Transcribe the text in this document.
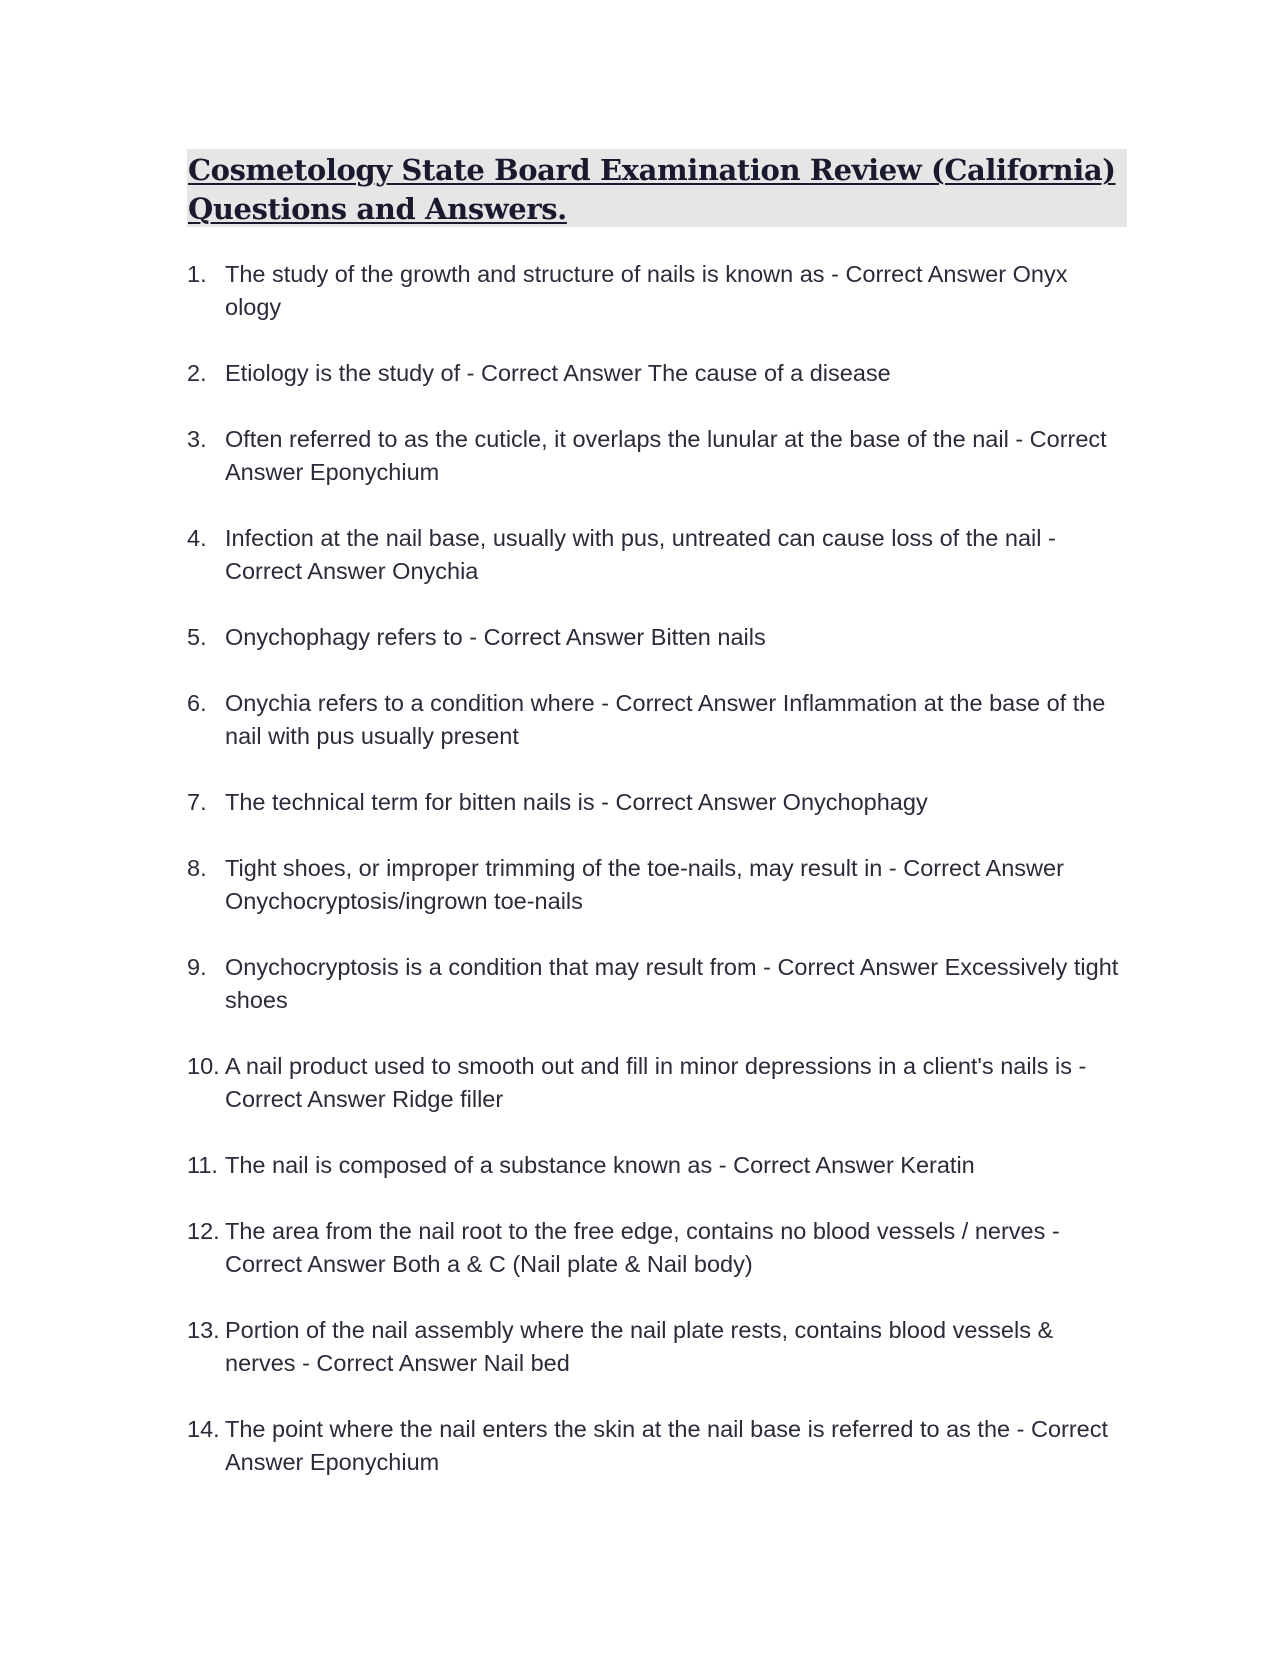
Cosmetology State Board Examination Review (California)
Questions and Answers.
1. The study of the growth and structure of nails is known as - Correct Answer Onyx ology
2. Etiology is the study of - Correct Answer The cause of a disease
3. Often referred to as the cuticle, it overlaps the lunular at the base of the nail - Correct Answer Eponychium
4. Infection at the nail base, usually with pus, untreated can cause loss of the nail - Correct Answer Onychia
5. Onychophagy refers to - Correct Answer Bitten nails
6. Onychia refers to a condition where - Correct Answer Inflammation at the base of the nail with pus usually present
7. The technical term for bitten nails is - Correct Answer Onychophagy
8. Tight shoes, or improper trimming of the toe-nails, may result in - Correct Answer Onychocryptosis/ingrown toe-nails
9. Onychocryptosis is a condition that may result from - Correct Answer Excessively tight shoes
10. A nail product used to smooth out and fill in minor depressions in a client's nails is - Correct Answer Ridge filler
11. The nail is composed of a substance known as - Correct Answer Keratin
12. The area from the nail root to the free edge, contains no blood vessels / nerves - Correct Answer Both a & C (Nail plate & Nail body)
13. Portion of the nail assembly where the nail plate rests, contains blood vessels & nerves - Correct Answer Nail bed
14. The point where the nail enters the skin at the nail base is referred to as the - Correct Answer Eponychium
